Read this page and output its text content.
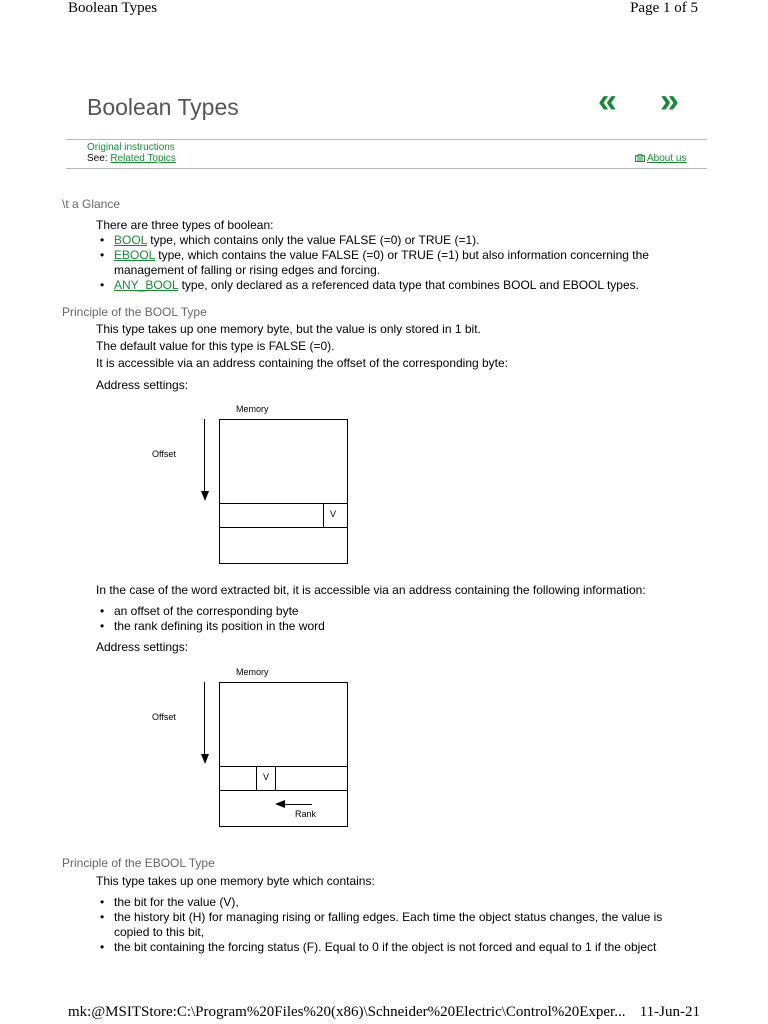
Boolean Types	Page 1 of 5
Boolean Types	« »
Original instructions
See: Related Topics	About us
\t a Glance
There are three types of boolean:
• BOOL type, which contains only the value FALSE (=0) or TRUE (=1).
• EBOOL type, which contains the value FALSE (=0) or TRUE (=1) but also information concerning the management of falling or rising edges and forcing.
• ANY_BOOL type, only declared as a referenced data type that combines BOOL and EBOOL types.
Principle of the BOOL Type
This type takes up one memory byte, but the value is only stored in 1 bit.
The default value for this type is FALSE (=0).
It is accessible via an address containing the offset of the corresponding byte:
Address settings:
Memory
Offset
V
In the case of the word extracted bit, it is accessible via an address containing the following information:
• an offset of the corresponding byte
• the rank defining its position in the word
Address settings:
Memory
Offset
V
Rank
Principle of the EBOOL Type
This type takes up one memory byte which contains:
• the bit for the value (V),
• the history bit (H) for managing rising or falling edges. Each time the object status changes, the value is copied to this bit,
• the bit containing the forcing status (F). Equal to 0 if the object is not forced and equal to 1 if the object
mk:@MSITStore:C:\Program%20Files%20(x86)\Schneider%20Electric\Control%20Exper... 11-Jun-21
